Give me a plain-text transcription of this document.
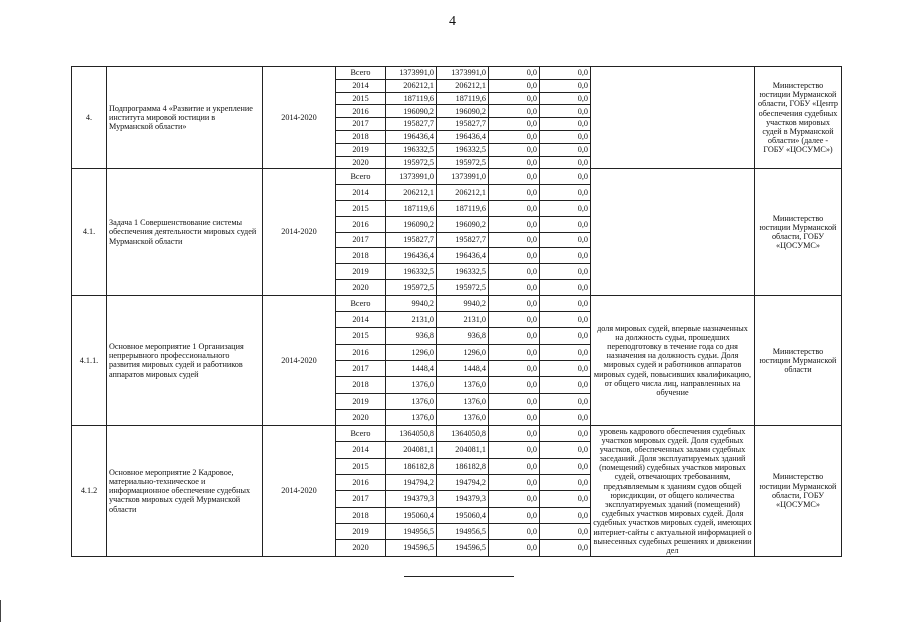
4
4.	Подпрограмма 4 «Развитие и укрепление института мировой юстиции в Мурманской области»	2014-2020	Всего	1373991,0	1373991,0	0,0	0,0		Министерство юстиции Мурманской области, ГОБУ «Центр обеспечения судебных участков мировых судей в Мурманской области» (далее - ГОБУ «ЦОСУМС»)
			2014	206212,1	206212,1	0,0	0,0		
			2015	187119,6	187119,6	0,0	0,0		
			2016	196090,2	196090,2	0,0	0,0		
			2017	195827,7	195827,7	0,0	0,0		
			2018	196436,4	196436,4	0,0	0,0		
			2019	196332,5	196332,5	0,0	0,0		
			2020	195972,5	195972,5	0,0	0,0		
4.1.	Задача 1 Совершенствование системы обеспечения деятельности мировых судей Мурманской области	2014-2020	Всего	1373991,0	1373991,0	0,0	0,0		Министерство юстиции Мурманской области, ГОБУ «ЦОСУМС»
			2014	206212,1	206212,1	0,0	0,0		
			2015	187119,6	187119,6	0,0	0,0		
			2016	196090,2	196090,2	0,0	0,0		
			2017	195827,7	195827,7	0,0	0,0		
			2018	196436,4	196436,4	0,0	0,0		
			2019	196332,5	196332,5	0,0	0,0		
			2020	195972,5	195972,5	0,0	0,0		
4.1.1.	Основное мероприятие 1 Организация непрерывного профессионального развития мировых судей и работников аппаратов мировых судей	2014-2020	Всего	9940,2	9940,2	0,0	0,0	доля мировых судей, впервые назначенных на должность судьи, прошедших переподготовку в течение года со дня назначения на должность судьи. Доля мировых судей и работников аппаратов мировых судей, повысивших квалификацию, от общего числа лиц, направленных на обучение	Министерство юстиции Мурманской области
			2014	2131,0	2131,0	0,0	0,0		
			2015	936,8	936,8	0,0	0,0		
			2016	1296,0	1296,0	0,0	0,0		
			2017	1448,4	1448,4	0,0	0,0		
			2018	1376,0	1376,0	0,0	0,0		
			2019	1376,0	1376,0	0,0	0,0		
			2020	1376,0	1376,0	0,0	0,0		
4.1.2	Основное мероприятие 2 Кадровое, материально-техническое и информационное обеспечение судебных участков мировых судей Мурманской области	2014-2020	Всего	1364050,8	1364050,8	0,0	0,0	уровень кадрового обеспечения судебных участков мировых судей. Доля судебных участков, обеспеченных залами судебных заседаний. Доля эксплуатируемых зданий (помещений) судебных участков мировых судей, отвечающих требованиям, предъявляемым к зданиям судов общей юрисдикции, от общего количества эксплуатируемых зданий (помещений) судебных участков мировых судей. Доля судебных участков мировых судей, имеющих интернет-сайты с актуальной информацией о вынесенных судебных решениях и движении дел	Министерство юстиции Мурманской области, ГОБУ «ЦОСУМС»
			2014	204081,1	204081,1	0,0	0,0		
			2015	186182,8	186182,8	0,0	0,0		
			2016	194794,2	194794,2	0,0	0,0		
			2017	194379,3	194379,3	0,0	0,0		
			2018	195060,4	195060,4	0,0	0,0		
			2019	194956,5	194956,5	0,0	0,0		
			2020	194596,5	194596,5	0,0	0,0		
